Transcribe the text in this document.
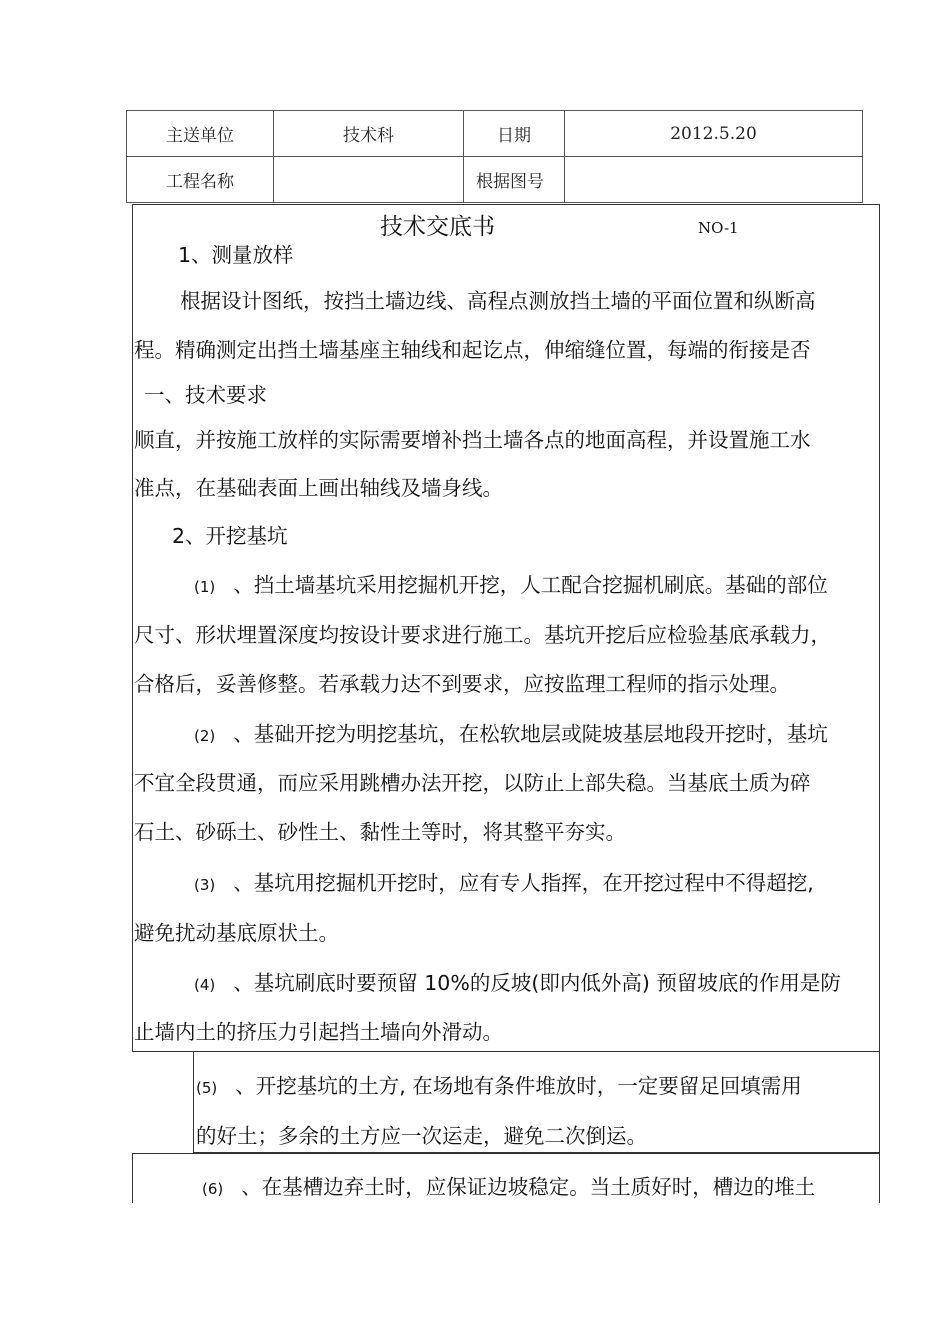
主送单位	技术科	日期	2012.5.20
工程名称		根据图号	
技术交底书	NO-1
1、测量放样
根据设计图纸，按挡土墙边线、高程点测放挡土墙的平面位置和纵断高
程。精确测定出挡土墙基座主轴线和起讫点，伸缩缝位置，每端的衔接是否
一、技术要求
顺直，并按施工放样的实际需要增补挡土墙各点的地面高程，并设置施工水
准点，在基础表面上画出轴线及墙身线。
2、开挖基坑
(1) 、挡土墙基坑采用挖掘机开挖，人工配合挖掘机刷底。基础的部位
尺寸、形状埋置深度均按设计要求进行施工。基坑开挖后应检验基底承载力，
合格后，妥善修整。若承载力达不到要求，应按监理工程师的指示处理。
(2) 、基础开挖为明挖基坑，在松软地层或陡坡基层地段开挖时，基坑
不宜全段贯通，而应采用跳槽办法开挖，以防止上部失稳。当基底土质为碎
石土、砂砾土、砂性土、黏性土等时，将其整平夯实。
(3) 、基坑用挖掘机开挖时，应有专人指挥，在开挖过程中不得超挖,
避免扰动基底原状土。
(4) 、基坑刷底时要预留 10%的反坡(即内低外高) 预留坡底的作用是防
止墙内土的挤压力引起挡土墙向外滑动。
(5) 、开挖基坑的土方, 在场地有条件堆放时，一定要留足回填需用
的好土；多余的土方应一次运走，避免二次倒运。
(6) 、在基槽边弃土时，应保证边坡稳定。当土质好时，槽边的堆土
